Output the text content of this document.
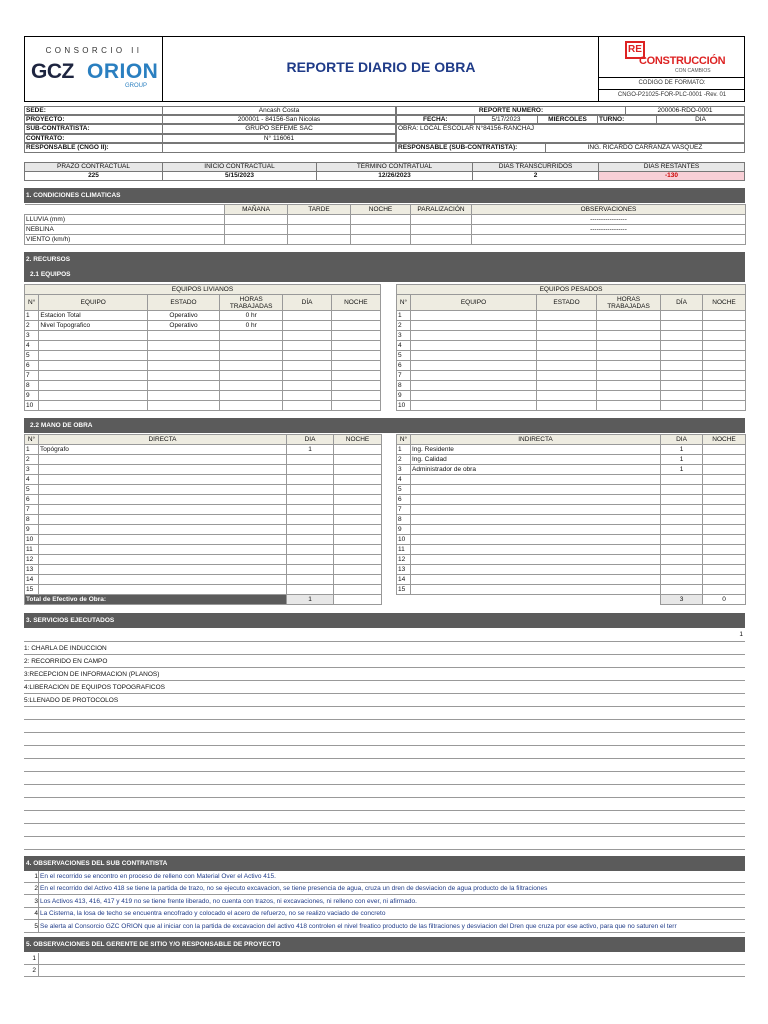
CONSORCIO II
GCZ ORION
GROUP
REPORTE DIARIO DE OBRA
RE
CONSTRUCCIÓN
CON CAMBIOS
CODIGO DE FORMATO:
CNGO-P21025-FOR-PLC-0001 -Rev. 01
SEDE:	Ancash Costa	REPORTE NÚMERO:	200006-RDO-0001
PROYECTO:	200001 - 84156-San Nicolas	FECHA:	5/17/2023	MIÉRCOLES	TURNO:	DIA
SUB-CONTRATISTA:	GRUPO SEFEME SAC	OBRA: LOCAL ESCOLAR N°84156-RANCHAJ
CONTRATO:	N° 116061
RESPONSABLE (CNGO II):	RESPONSABLE (SUB-CONTRATISTA):	ING. RICARDO CARRANZA VASQUEZ
PRAZO CONTRACTUAL	INÍCIO CONTRACTUAL	TÉRMINO CONTRATUAL	DIAS TRANSCURRIDOS	DIAS RESTANTES
225	5/15/2023	12/26/2023	2	-130
1. CONDICIONES CLIMATICAS
	MAÑANA	TARDE	NOCHE	PARALIZACIÓN	OBSERVACIONES
LLUVIA (mm)					-----------------
NEBLINA					-----------------
VIENTO (km/h)					
2. RECURSOS
2.1 EQUIPOS
EQUIPOS LIVIANOS					
N°	EQUIPO	ESTADO	HORAS TRABAJADAS	DÍA	NOCHE
1	Estacion Total	Operativo	0 hr		
2	Nivel Topografico	Operativo	0 hr		
3					
4					
5					
6					
7					
8					
9					
10					
EQUIPOS PESADOS					
N°	EQUIPO	ESTADO	HORAS TRABAJADAS	DÍA	NOCHE
1					
2					
3					
4					
5					
6					
7					
8					
9					
10					
2.2 MANO DE OBRA
N°	DIRECTA	DIA	NOCHE
1	Topógrafo	1	
2			
3			
4			
5			
6			
7			
8			
9			
10			
11			
12			
13			
14			
15			
Total de Efectivo de Obra:		1	
N°	INDIRECTA	DIA	NOCHE
1	Ing. Residente	1	
2	Ing. Calidad	1	
3	Administrador de obra	1	
4			
5			
6			
7			
8			
9			
10			
11			
12			
13			
14			
15			
		3	0
3. SERVICIOS EJECUTADOS
1
1: CHARLA DE INDUCCION
2: RECORRIDO EN CAMPO
3:RECEPCION DE INFORMACION (PLANOS)
4:LIBERACION DE EQUIPOS TOPOGRAFICOS
5:LLENADO DE PROTOCOLOS
4. OBSERVACIONES DEL SUB CONTRATISTA
1 En el recorrido se encontro en proceso de relleno con Material Over el Activo 415.
2 En el recorrido del Activo 418 se tiene la partida de trazo, no se ejecuto excavacion, se tiene presencia de agua, cruza un dren de desviacion de agua producto de la filtraciones
3 Los Activos 413, 416, 417 y 419 no se tiene frente liberado, no cuenta con trazos, ni excavaciones, ni relleno con ever, ni afirmado.
4 La Cisterna, la losa de techo se encuentra encofrado y colocado el acero de refuerzo, no se realizo vaciado de concreto
5 Se alerta al Consorcio GZC ORION que al iniciar con la partida de excavacion del activo 418 controlen el nivel freatico producto de las filtraciones y desviacion del Dren que cruza por ese activo, para que no saturen el terr
5. OBSERVACIONES DEL GERENTE DE SITIO Y/O RESPONSABLE DE PROYECTO
1
2
